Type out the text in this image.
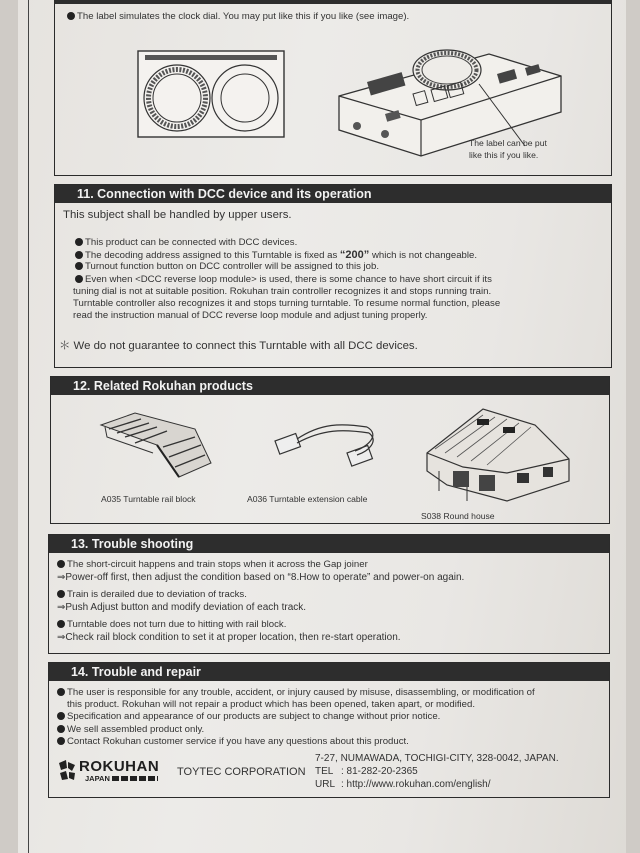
The label simulates the clock dial. You may put like this if you like (see image).
The label can be put
like this if you like.
11. Connection with DCC device and its operation
This subject shall be handled by upper users.
This product can be connected with DCC devices.
The decoding address assigned to this Turntable is fixed as “200” which is not changeable.
Turnout function button on DCC controller will be assigned to this job.
Even when <DCC reverse loop module> is used, there is some chance to have short circuit if its
tuning dial is not at suitable position. Rokuhan train controller recognizes it and stops running train.
Turntable controller also recognizes it and stops turning turntable. To resume normal function, please
read the instruction manual of DCC reverse loop module and adjust tuning properly.
＊ We do not guarantee to connect this Turntable with all DCC devices.
12. Related Rokuhan products
A035 Turntable rail block	A036 Turntable extension cable
S038 Round house
13. Trouble shooting
The short-circuit happens and train stops when it across the Gap joiner
⇒Power-off first, then adjust the condition based on “8.How to operate” and power-on again.
Train is derailed due to deviation of tracks.
⇒Push Adjust button and modify deviation of each track.
Turntable does not turn due to hitting with rail block.
⇒Check rail block condition to set it at proper location, then re-start operation.
14. Trouble and repair
The user is responsible for any trouble, accident, or injury caused by misuse, disassembling, or modification of
this product. Rokuhan will not repair a product which has been opened, taken apart, or modified.
Specification and appearance of our products are subject to change without prior notice.
We sell assembled product only.
Contact Rokuhan customer service if you have any questions about this product.
ROKUHAN
JAPAN
TOYTEC CORPORATION
7-27, NUMAWADA, TOCHIGI-CITY, 328-0042, JAPAN.
TEL : 81-282-20-2365
URL : http://www.rokuhan.com/english/
